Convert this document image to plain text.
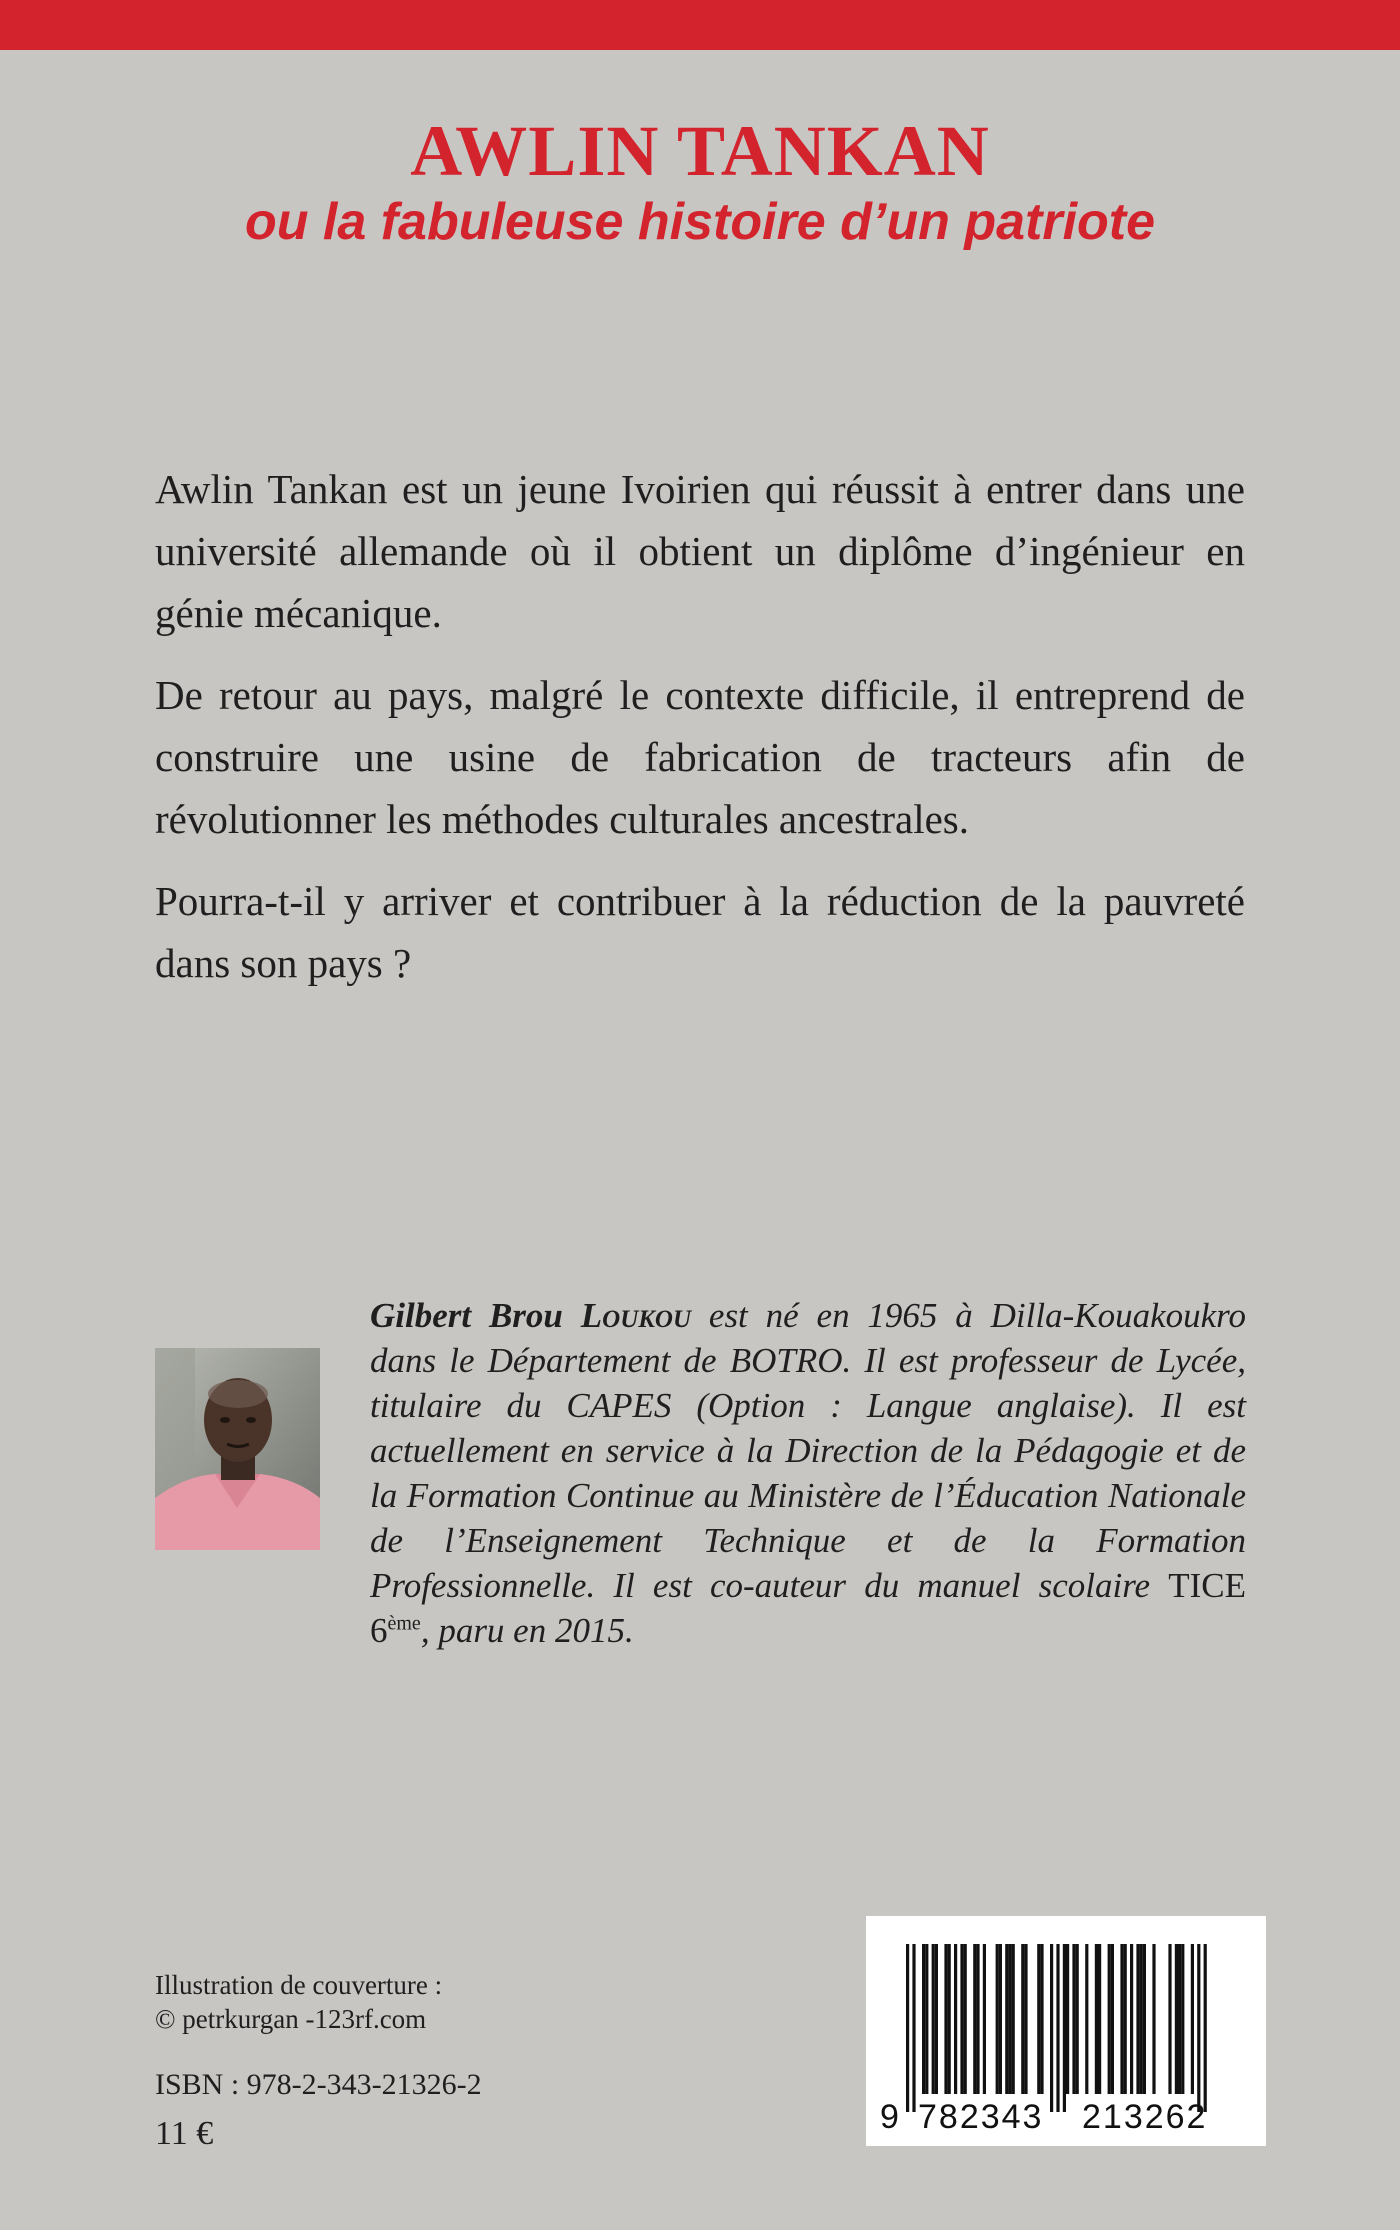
AWLIN TANKAN
ou la fabuleuse histoire d’un patriote

Awlin Tankan est un jeune Ivoirien qui réussit à entrer dans une université allemande où il obtient un diplôme d’ingénieur en génie mécanique.

De retour au pays, malgré le contexte difficile, il entreprend de construire une usine de fabrication de tracteurs afin de révolutionner les méthodes culturales ancestrales.

Pourra-t-il y arriver et contribuer à la réduction de la pauvreté dans son pays ?

Gilbert Brou Loukou est né en 1965 à Dilla-Kouakoukro dans le Département de BOTRO. Il est professeur de Lycée, titulaire du CAPES (Option : Langue anglaise). Il est actuellement en service à la Direction de la Pédagogie et de la Formation Continue au Ministère de l’Éducation Nationale de l’Enseignement Technique et de la Formation Professionnelle. Il est co-auteur du manuel scolaire TICE 6ème, paru en 2015.
Illustration de couverture :
© petrkurgan -123rf.com
ISBN : 978-2-343-21326-2
11 €	9 782343 213262
